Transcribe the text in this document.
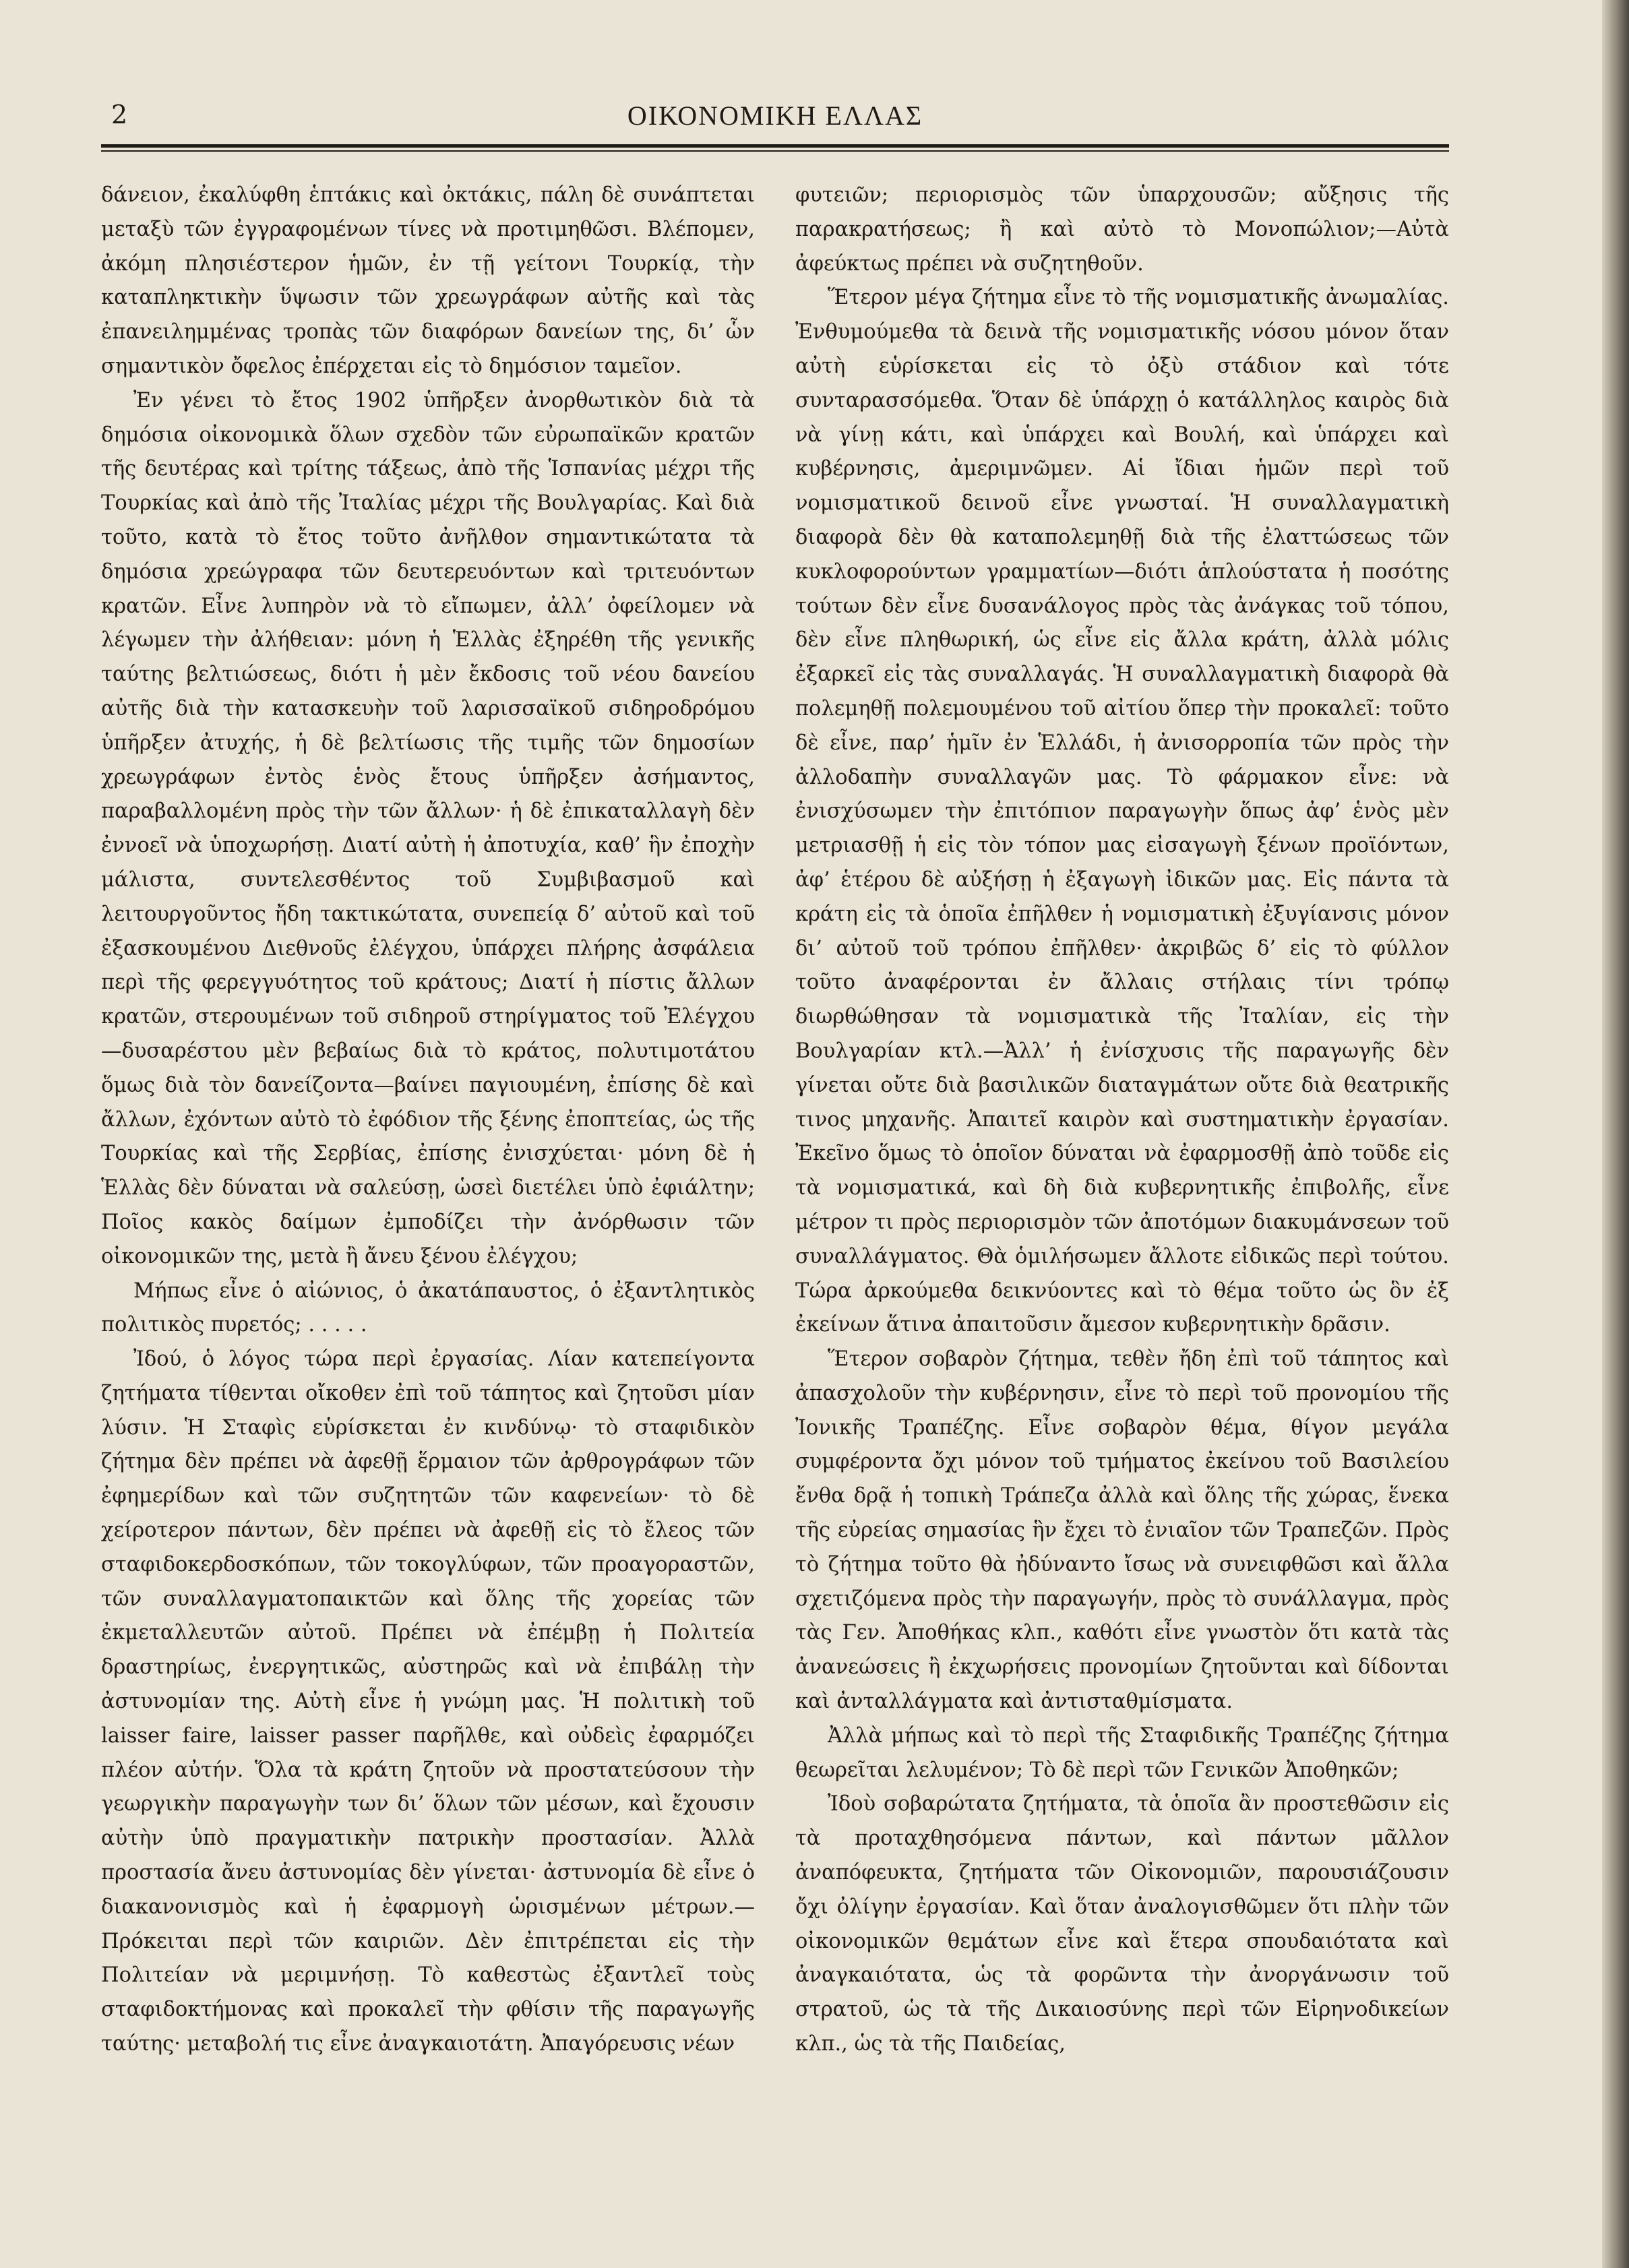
2	ΟΙΚΟΝΟΜΙΚΗ ΕΛΛΑΣ

δάνειον, ἐκαλύφθη ἑπτάκις καὶ ὀκτάκις, πάλη δὲ συνάπτεται μεταξὺ τῶν ἐγγραφομένων τίνες νὰ προτιμηθῶσι. Βλέπομεν, ἀκόμη πλησιέστερον ἡμῶν, ἐν τῇ γείτονι Τουρκίᾳ, τὴν καταπληκτικὴν ὕψωσιν τῶν χρεωγράφων αὐτῆς καὶ τὰς ἐπανειλημμένας τροπὰς τῶν διαφόρων δανείων της, δι’ ὧν σημαντικὸν ὄφελος ἐπέρχεται εἰς τὸ δημόσιον ταμεῖον.

Ἐν γένει τὸ ἔτος 1902 ὑπῆρξεν ἀνορθωτικὸν διὰ τὰ δημόσια οἰκονομικὰ ὅλων σχεδὸν τῶν εὐρωπαϊκῶν κρατῶν τῆς δευτέρας καὶ τρίτης τάξεως, ἀπὸ τῆς Ἱσπανίας μέχρι τῆς Τουρκίας καὶ ἀπὸ τῆς Ἰταλίας μέχρι τῆς Βουλγαρίας. Καὶ διὰ τοῦτο, κατὰ τὸ ἔτος τοῦτο ἀνῆλθον σημαντικώτατα τὰ δημόσια χρεώγραφα τῶν δευτερευόντων καὶ τριτευόντων κρατῶν. Εἶνε λυπηρὸν νὰ τὸ εἴπωμεν, ἀλλ’ ὀφείλομεν νὰ λέγωμεν τὴν ἀλήθειαν: μόνη ἡ Ἑλλὰς ἐξηρέθη τῆς γενικῆς ταύτης βελτιώσεως, διότι ἡ μὲν ἔκδοσις τοῦ νέου δανείου αὐτῆς διὰ τὴν κατασκευὴν τοῦ λαρισσαϊκοῦ σιδηροδρόμου ὑπῆρξεν ἀτυχής, ἡ δὲ βελτίωσις τῆς τιμῆς τῶν δημοσίων χρεωγράφων ἐντὸς ἑνὸς ἔτους ὑπῆρξεν ἀσήμαντος, παραβαλλομένη πρὸς τὴν τῶν ἄλλων· ἡ δὲ ἐπικαταλλαγὴ δὲν ἐννοεῖ νὰ ὑποχωρήσῃ. Διατί αὐτὴ ἡ ἀποτυχία, καθ’ ἣν ἐποχὴν μάλιστα, συντελεσθέντος τοῦ Συμβιβασμοῦ καὶ λειτουργοῦντος ἤδη τακτικώτατα, συνεπείᾳ δ’ αὐτοῦ καὶ τοῦ ἐξασκουμένου Διεθνοῦς ἐλέγχου, ὑπάρχει πλήρης ἀσφάλεια περὶ τῆς φερεγγυότητος τοῦ κράτους; Διατί ἡ πίστις ἄλλων κρατῶν, στερουμένων τοῦ σιδηροῦ στηρίγματος τοῦ Ἐλέγχου—δυσαρέστου μὲν βεβαίως διὰ τὸ κράτος, πολυτιμοτάτου ὅμως διὰ τὸν δανείζοντα—βαίνει παγιουμένη, ἐπίσης δὲ καὶ ἄλλων, ἐχόντων αὐτὸ τὸ ἐφόδιον τῆς ξένης ἐποπτείας, ὡς τῆς Τουρκίας καὶ τῆς Σερβίας, ἐπίσης ἐνισχύεται· μόνη δὲ ἡ Ἑλλὰς δὲν δύναται νὰ σαλεύσῃ, ὡσεὶ διετέλει ὑπὸ ἐφιάλτην; Ποῖος κακὸς δαίμων ἐμποδίζει τὴν ἀνόρθωσιν τῶν οἰκονομικῶν της, μετὰ ἢ ἄνευ ξένου ἐλέγχου;

Μήπως εἶνε ὁ αἰώνιος, ὁ ἀκατάπαυστος, ὁ ἐξαντλητικὸς πολιτικὸς πυρετός; . . . . .

Ἰδού, ὁ λόγος τώρα περὶ ἐργασίας. Λίαν κατεπείγοντα ζητήματα τίθενται οἴκοθεν ἐπὶ τοῦ τάπητος καὶ ζητοῦσι μίαν λύσιν. Ἡ Σταφὶς εὑρίσκεται ἐν κινδύνῳ· τὸ σταφιδικὸν ζήτημα δὲν πρέπει νὰ ἀφεθῇ ἕρμαιον τῶν ἀρθρογράφων τῶν ἐφημερίδων καὶ τῶν συζητητῶν τῶν καφενείων· τὸ δὲ χείροτερον πάντων, δὲν πρέπει νὰ ἀφεθῇ εἰς τὸ ἔλεος τῶν σταφιδοκερδοσκόπων, τῶν τοκογλύφων, τῶν προαγοραστῶν, τῶν συναλλαγματοπαικτῶν καὶ ὅλης τῆς χορείας τῶν ἐκμεταλλευτῶν αὐτοῦ. Πρέπει νὰ ἐπέμβῃ ἡ Πολιτεία δραστηρίως, ἐνεργητικῶς, αὐστηρῶς καὶ νὰ ἐπιβάλῃ τὴν ἀστυνομίαν της. Αὐτὴ εἶνε ἡ γνώμη μας. Ἡ πολιτικὴ τοῦ laisser faire, laisser passer παρῆλθε, καὶ οὐδεὶς ἐφαρμόζει πλέον αὐτήν. Ὅλα τὰ κράτη ζητοῦν νὰ προστατεύσουν τὴν γεωργικὴν παραγωγὴν των δι’ ὅλων τῶν μέσων, καὶ ἔχουσιν αὐτὴν ὑπὸ πραγματικὴν πατρικὴν προστασίαν. Ἀλλὰ προστασία ἄνευ ἀστυνομίας δὲν γίνεται· ἀστυνομία δὲ εἶνε ὁ διακανονισμὸς καὶ ἡ ἐφαρμογὴ ὡρισμένων μέτρων.—Πρόκειται περὶ τῶν καιριῶν. Δὲν ἐπιτρέπεται εἰς τὴν Πολιτείαν νὰ μεριμνήσῃ. Τὸ καθεστὼς ἐξαντλεῖ τοὺς σταφιδοκτήμονας καὶ προκαλεῖ τὴν φθίσιν τῆς παραγωγῆς ταύτης· μεταβολή τις εἶνε ἀναγκαιοτάτη. Ἀπαγόρευσις νέων

φυτειῶν; περιορισμὸς τῶν ὑπαρχουσῶν; αὔξησις τῆς παρακρατήσεως; ἢ καὶ αὐτὸ τὸ Μονοπώλιον;—Αὐτὰ ἀφεύκτως πρέπει νὰ συζητηθοῦν.

Ἕτερον μέγα ζήτημα εἶνε τὸ τῆς νομισματικῆς ἀνωμαλίας. Ἐνθυμούμεθα τὰ δεινὰ τῆς νομισματικῆς νόσου μόνον ὅταν αὐτὴ εὑρίσκεται εἰς τὸ ὀξὺ στάδιον καὶ τότε συνταρασσόμεθα. Ὅταν δὲ ὑπάρχῃ ὁ κατάλληλος καιρὸς διὰ νὰ γίνῃ κάτι, καὶ ὑπάρχει καὶ Βουλή, καὶ ὑπάρχει καὶ κυβέρνησις, ἀμεριμνῶμεν. Αἱ ἴδιαι ἡμῶν περὶ τοῦ νομισματικοῦ δεινοῦ εἶνε γνωσταί. Ἡ συναλλαγματικὴ διαφορὰ δὲν θὰ καταπολεμηθῇ διὰ τῆς ἐλαττώσεως τῶν κυκλοφορούντων γραμματίων—διότι ἁπλούστατα ἡ ποσότης τούτων δὲν εἶνε δυσανάλογος πρὸς τὰς ἀνάγκας τοῦ τόπου, δὲν εἶνε πληθωρική, ὡς εἶνε εἰς ἄλλα κράτη, ἀλλὰ μόλις ἐξαρκεῖ εἰς τὰς συναλλαγάς. Ἡ συναλλαγματικὴ διαφορὰ θὰ πολεμηθῇ πολεμουμένου τοῦ αἰτίου ὅπερ τὴν προκαλεῖ: τοῦτο δὲ εἶνε, παρ’ ἡμῖν ἐν Ἑλλάδι, ἡ ἀνισορροπία τῶν πρὸς τὴν ἀλλοδαπὴν συναλλαγῶν μας. Τὸ φάρμακον εἶνε: νὰ ἐνισχύσωμεν τὴν ἐπιτόπιον παραγωγὴν ὅπως ἀφ’ ἑνὸς μὲν μετριασθῇ ἡ εἰς τὸν τόπον μας εἰσαγωγὴ ξένων προϊόντων, ἀφ’ ἑτέρου δὲ αὐξήσῃ ἡ ἐξαγωγὴ ἰδικῶν μας. Εἰς πάντα τὰ κράτη εἰς τὰ ὁποῖα ἐπῆλθεν ἡ νομισματικὴ ἐξυγίανσις μόνον δι’ αὐτοῦ τοῦ τρόπου ἐπῆλθεν· ἀκριβῶς δ’ εἰς τὸ φύλλον τοῦτο ἀναφέρονται ἐν ἄλλαις στήλαις τίνι τρόπῳ διωρθώθησαν τὰ νομισματικὰ τῆς Ἰταλίαν, εἰς τὴν Βουλγαρίαν κτλ.—Ἀλλ’ ἡ ἐνίσχυσις τῆς παραγωγῆς δὲν γίνεται οὔτε διὰ βασιλικῶν διαταγμάτων οὔτε διὰ θεατρικῆς τινος μηχανῆς. Ἀπαιτεῖ καιρὸν καὶ συστηματικὴν ἐργασίαν. Ἐκεῖνο ὅμως τὸ ὁποῖον δύναται νὰ ἐφαρμοσθῇ ἀπὸ τοῦδε εἰς τὰ νομισματικά, καὶ δὴ διὰ κυβερνητικῆς ἐπιβολῆς, εἶνε μέτρον τι πρὸς περιορισμὸν τῶν ἀποτόμων διακυμάνσεων τοῦ συναλλάγματος. Θὰ ὁμιλήσωμεν ἄλλοτε εἰδικῶς περὶ τούτου. Τώρα ἀρκούμεθα δεικνύοντες καὶ τὸ θέμα τοῦτο ὡς ὃν ἐξ ἐκείνων ἅτινα ἀπαιτοῦσιν ἄμεσον κυβερνητικὴν δρᾶσιν.

Ἕτερον σοβαρὸν ζήτημα, τεθὲν ἤδη ἐπὶ τοῦ τάπητος καὶ ἀπασχολοῦν τὴν κυβέρνησιν, εἶνε τὸ περὶ τοῦ προνομίου τῆς Ἰονικῆς Τραπέζης. Εἶνε σοβαρὸν θέμα, θίγον μεγάλα συμφέροντα ὄχι μόνον τοῦ τμήματος ἐκείνου τοῦ Βασιλείου ἔνθα δρᾷ ἡ τοπικὴ Τράπεζα ἀλλὰ καὶ ὅλης τῆς χώρας, ἕνεκα τῆς εὐρείας σημασίας ἣν ἔχει τὸ ἐνιαῖον τῶν Τραπεζῶν. Πρὸς τὸ ζήτημα τοῦτο θὰ ἠδύναντο ἴσως νὰ συνειφθῶσι καὶ ἄλλα σχετιζόμενα πρὸς τὴν παραγωγήν, πρὸς τὸ συνάλλαγμα, πρὸς τὰς Γεν. Ἀποθήκας κλπ., καθότι εἶνε γνωστὸν ὅτι κατὰ τὰς ἀνανεώσεις ἢ ἐκχωρήσεις προνομίων ζητοῦνται καὶ δίδονται καὶ ἀνταλλάγματα καὶ ἀντισταθμίσματα.

Ἀλλὰ μήπως καὶ τὸ περὶ τῆς Σταφιδικῆς Τραπέζης ζήτημα θεωρεῖται λελυμένον; Τὸ δὲ περὶ τῶν Γενικῶν Ἀποθηκῶν;

Ἰδοὺ σοβαρώτατα ζητήματα, τὰ ὁποῖα ἂν προστεθῶσιν εἰς τὰ προταχθησόμενα πάντων, καὶ πάντων μᾶλλον ἀναπόφευκτα, ζητήματα τῶν Οἰκονομιῶν, παρουσιάζουσιν ὄχι ὀλίγην ἐργασίαν. Καὶ ὅταν ἀναλογισθῶμεν ὅτι πλὴν τῶν οἰκονομικῶν θεμάτων εἶνε καὶ ἕτερα σπουδαιότατα καὶ ἀναγκαιότατα, ὡς τὰ φορῶντα τὴν ἀνοργάνωσιν τοῦ στρατοῦ, ὡς τὰ τῆς Δικαιοσύνης περὶ τῶν Εἰρηνοδικείων κλπ., ὡς τὰ τῆς Παιδείας,
